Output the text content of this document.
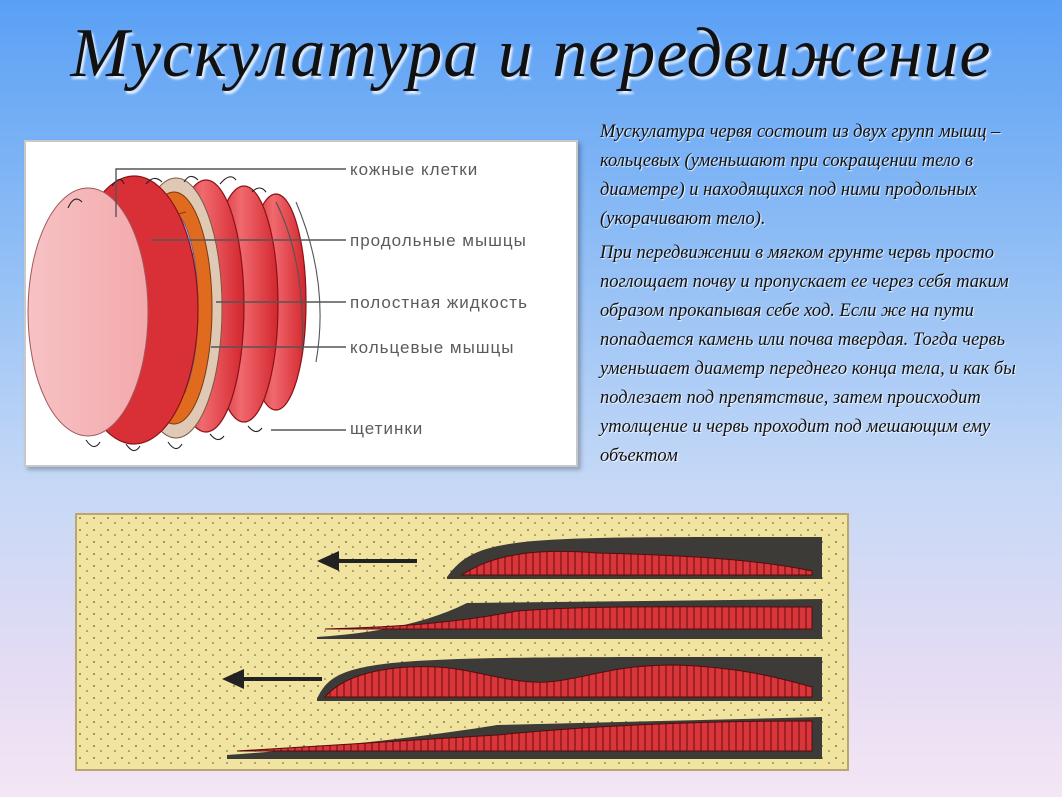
Мускулатура и передвижение
кожные клетки
продольные мышцы
полостная жидкость
кольцевые мышцы
щетинки

Мускулатура червя состоит из двух групп мышц – кольцевых (уменьшают при сокращении тело в диаметре) и находящихся под ними продольных (укорачивают тело).

При передвижении в мягком грунте червь просто поглощает почву и пропускает ее через себя таким образом прокапывая себе ход. Если же на пути попадается камень или почва твердая. Тогда червь уменьшает диаметр переднего конца тела, и как бы подлезает под препятствие, затем происходит утолщение и червь проходит под мешающим ему объектом
